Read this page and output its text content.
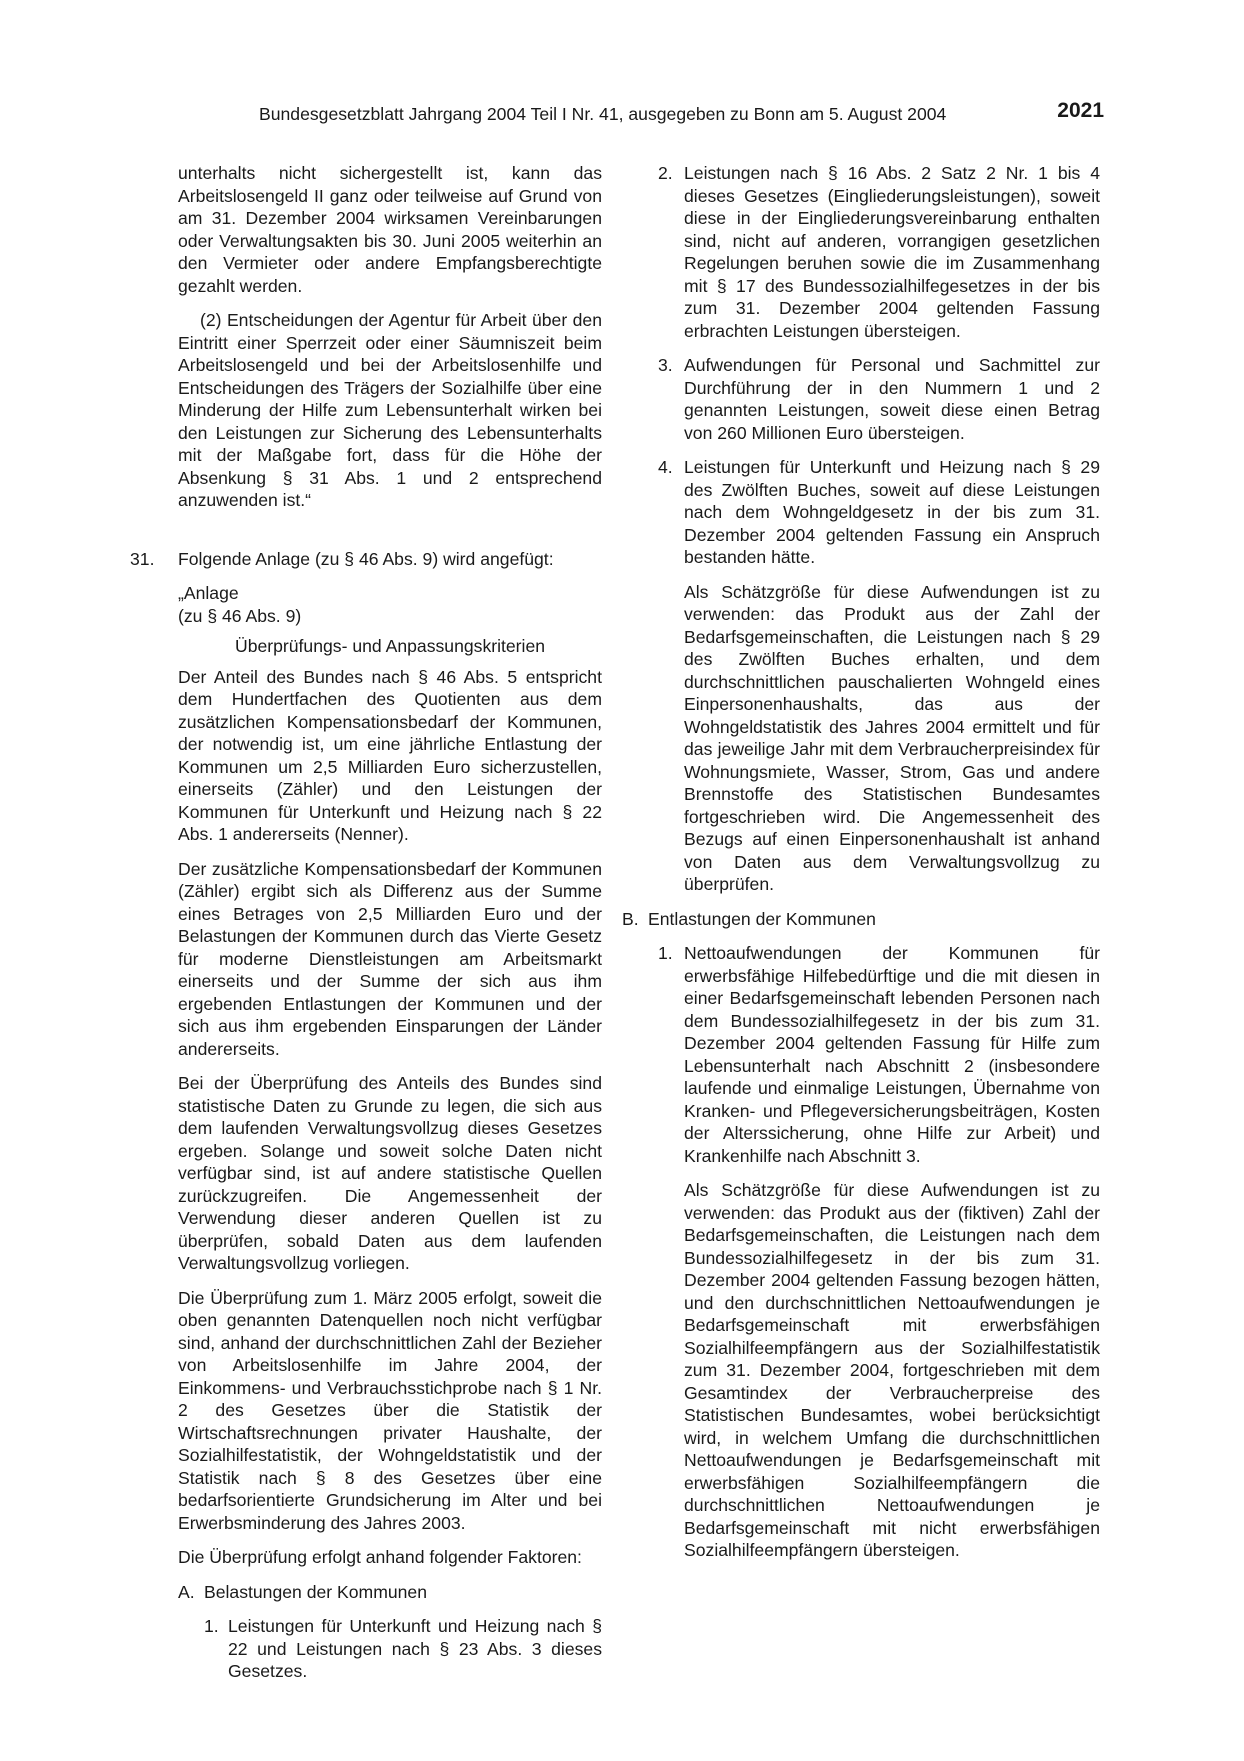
Bundesgesetzblatt Jahrgang 2004 Teil I Nr. 41, ausgegeben zu Bonn am 5. August 2004	2021

unterhalts nicht sichergestellt ist, kann das Arbeitslosengeld II ganz oder teilweise auf Grund von am 31. Dezember 2004 wirksamen Vereinbarungen oder Verwaltungsakten bis 30. Juni 2005 weiterhin an den Vermieter oder andere Empfangsberechtigte gezahlt werden.

(2) Entscheidungen der Agentur für Arbeit über den Eintritt einer Sperrzeit oder einer Säumniszeit beim Arbeitslosengeld und bei der Arbeitslosenhilfe und Entscheidungen des Trägers der Sozialhilfe über eine Minderung der Hilfe zum Lebensunterhalt wirken bei den Leistungen zur Sicherung des Lebensunterhalts mit der Maßgabe fort, dass für die Höhe der Absenkung § 31 Abs. 1 und 2 entsprechend anzuwenden ist.“

31. Folgende Anlage (zu § 46 Abs. 9) wird angefügt:

„Anlage

(zu § 46 Abs. 9)

Überprüfungs- und Anpassungskriterien

Der Anteil des Bundes nach § 46 Abs. 5 entspricht dem Hundertfachen des Quotienten aus dem zusätzlichen Kompensationsbedarf der Kommunen, der notwendig ist, um eine jährliche Entlastung der Kommunen um 2,5 Milliarden Euro sicherzustellen, einerseits (Zähler) und den Leistungen der Kommunen für Unterkunft und Heizung nach § 22 Abs. 1 andererseits (Nenner).

Der zusätzliche Kompensationsbedarf der Kommunen (Zähler) ergibt sich als Differenz aus der Summe eines Betrages von 2,5 Milliarden Euro und der Belastungen der Kommunen durch das Vierte Gesetz für moderne Dienstleistungen am Arbeitsmarkt einerseits und der Summe der sich aus ihm ergebenden Entlastungen der Kommunen und der sich aus ihm ergebenden Einsparungen der Länder andererseits.

Bei der Überprüfung des Anteils des Bundes sind statistische Daten zu Grunde zu legen, die sich aus dem laufenden Verwaltungsvollzug dieses Gesetzes ergeben. Solange und soweit solche Daten nicht verfügbar sind, ist auf andere statistische Quellen zurückzugreifen. Die Angemessenheit der Verwendung dieser anderen Quellen ist zu überprüfen, sobald Daten aus dem laufenden Verwaltungsvollzug vorliegen.

Die Überprüfung zum 1. März 2005 erfolgt, soweit die oben genannten Datenquellen noch nicht verfügbar sind, anhand der durchschnittlichen Zahl der Bezieher von Arbeitslosenhilfe im Jahre 2004, der Einkommens- und Verbrauchsstichprobe nach § 1 Nr. 2 des Gesetzes über die Statistik der Wirtschaftsrechnungen privater Haushalte, der Sozialhilfestatistik, der Wohngeldstatistik und der Statistik nach § 8 des Gesetzes über eine bedarfsorientierte Grundsicherung im Alter und bei Erwerbsminderung des Jahres 2003.

Die Überprüfung erfolgt anhand folgender Faktoren:

A. Belastungen der Kommunen

1. Leistungen für Unterkunft und Heizung nach § 22 und Leistungen nach § 23 Abs. 3 dieses Gesetzes.

2. Leistungen nach § 16 Abs. 2 Satz 2 Nr. 1 bis 4 dieses Gesetzes (Eingliederungsleistungen), soweit diese in der Eingliederungsvereinbarung enthalten sind, nicht auf anderen, vorrangigen gesetzlichen Regelungen beruhen sowie die im Zusammenhang mit § 17 des Bundessozialhilfegesetzes in der bis zum 31. Dezember 2004 geltenden Fassung erbrachten Leistungen übersteigen.

3. Aufwendungen für Personal und Sachmittel zur Durchführung der in den Nummern 1 und 2 genannten Leistungen, soweit diese einen Betrag von 260 Millionen Euro übersteigen.

4. Leistungen für Unterkunft und Heizung nach § 29 des Zwölften Buches, soweit auf diese Leistungen nach dem Wohngeldgesetz in der bis zum 31. Dezember 2004 geltenden Fassung ein Anspruch bestanden hätte.

Als Schätzgröße für diese Aufwendungen ist zu verwenden: das Produkt aus der Zahl der Bedarfsgemeinschaften, die Leistungen nach § 29 des Zwölften Buches erhalten, und dem durchschnittlichen pauschalierten Wohngeld eines Einpersonenhaushalts, das aus der Wohngeldstatistik des Jahres 2004 ermittelt und für das jeweilige Jahr mit dem Verbraucherpreisindex für Wohnungsmiete, Wasser, Strom, Gas und andere Brennstoffe des Statistischen Bundesamtes fortgeschrieben wird. Die Angemessenheit des Bezugs auf einen Einpersonenhaushalt ist anhand von Daten aus dem Verwaltungsvollzug zu überprüfen.

B. Entlastungen der Kommunen

1. Nettoaufwendungen der Kommunen für erwerbsfähige Hilfebedürftige und die mit diesen in einer Bedarfsgemeinschaft lebenden Personen nach dem Bundessozialhilfegesetz in der bis zum 31. Dezember 2004 geltenden Fassung für Hilfe zum Lebensunterhalt nach Abschnitt 2 (insbesondere laufende und einmalige Leistungen, Übernahme von Kranken- und Pflegeversicherungsbeiträgen, Kosten der Alterssicherung, ohne Hilfe zur Arbeit) und Krankenhilfe nach Abschnitt 3.

Als Schätzgröße für diese Aufwendungen ist zu verwenden: das Produkt aus der (fiktiven) Zahl der Bedarfsgemeinschaften, die Leistungen nach dem Bundessozialhilfegesetz in der bis zum 31. Dezember 2004 geltenden Fassung bezogen hätten, und den durchschnittlichen Nettoaufwendungen je Bedarfsgemeinschaft mit erwerbsfähigen Sozialhilfeempfängern aus der Sozialhilfestatistik zum 31. Dezember 2004, fortgeschrieben mit dem Gesamtindex der Verbraucherpreise des Statistischen Bundesamtes, wobei berücksichtigt wird, in welchem Umfang die durchschnittlichen Nettoaufwendungen je Bedarfsgemeinschaft mit erwerbsfähigen Sozialhilfeempfängern die durchschnittlichen Nettoaufwendungen je Bedarfsgemeinschaft mit nicht erwerbsfähigen Sozialhilfeempfängern übersteigen.
